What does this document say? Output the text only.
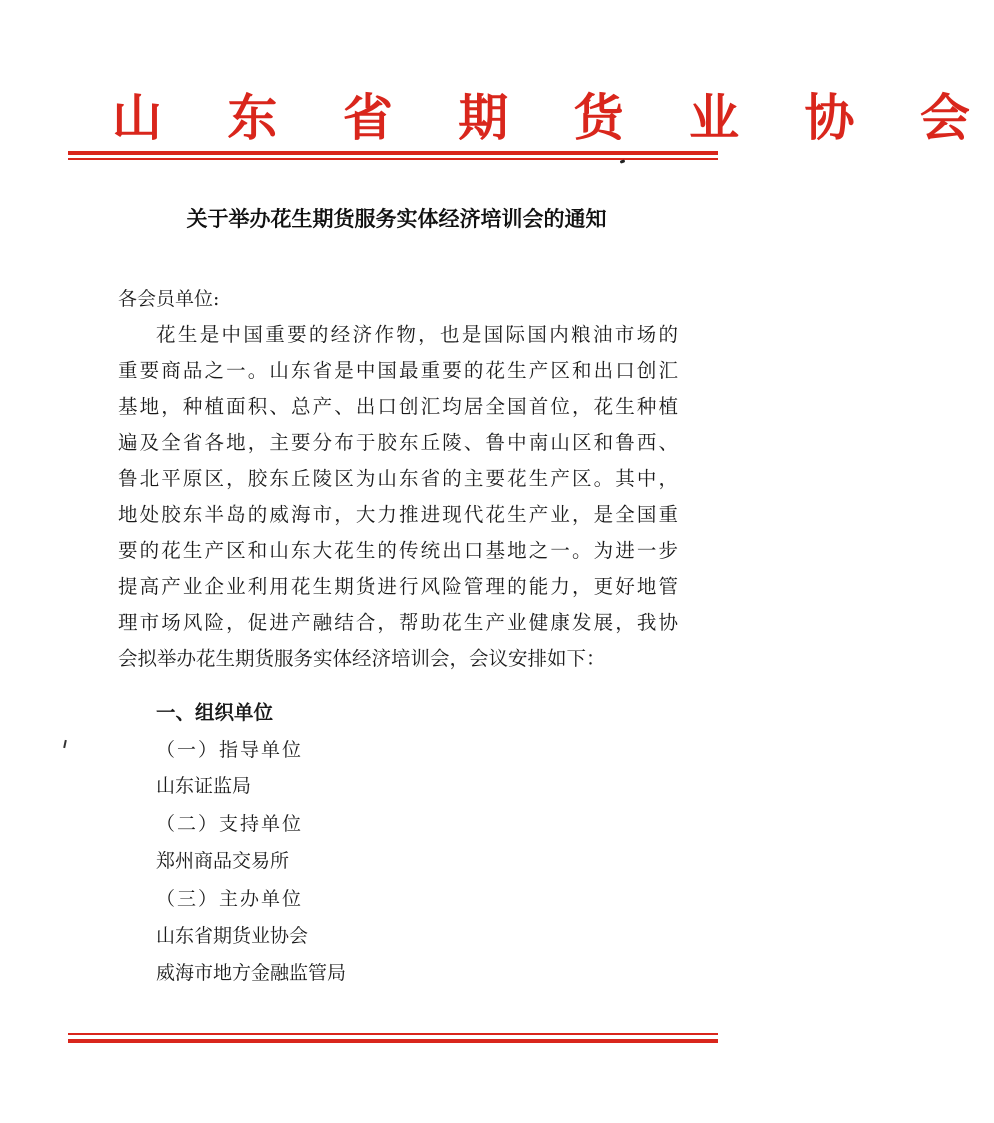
山 东 省 期 货 业 协 会
关于举办花生期货服务实体经济培训会的通知
各会员单位:
花生是中国重要的经济作物，也是国际国内粮油市场的
重要商品之一。山东省是中国最重要的花生产区和出口创汇
基地，种植面积、总产、出口创汇均居全国首位，花生种植
遍及全省各地，主要分布于胶东丘陵、鲁中南山区和鲁西、
鲁北平原区，胶东丘陵区为山东省的主要花生产区。其中，
地处胶东半岛的威海市，大力推进现代花生产业，是全国重
要的花生产区和山东大花生的传统出口基地之一。为进一步
提高产业企业利用花生期货进行风险管理的能力，更好地管
理市场风险，促进产融结合，帮助花生产业健康发展，我协
会拟举办花生期货服务实体经济培训会，会议安排如下：
一、组织单位
（一）指导单位
山东证监局
（二）支持单位
郑州商品交易所
（三）主办单位
山东省期货业协会
威海市地方金融监管局
